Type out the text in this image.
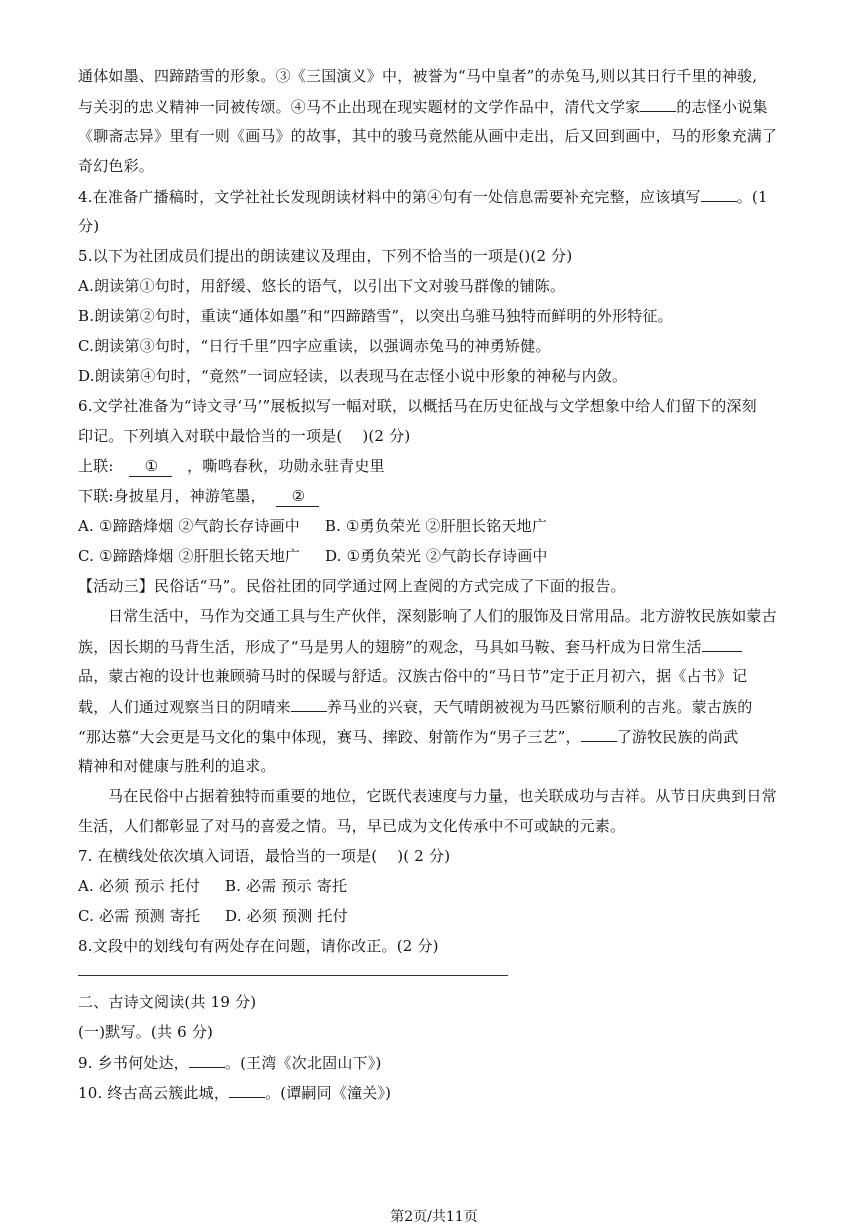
通体如墨、四蹄踏雪的形象。③《三国演义》中，被誉为“马中皇者”的赤兔马,则以其日行千里的神骏,
与关羽的忠义精神一同被传颂。④马不止出现在现实题材的文学作品中，清代文学家 的志怪小说集
《聊斋志异》里有一则《画马》的故事，其中的骏马竟然能从画中走出，后又回到画中，马的形象充满了
奇幻色彩。
4.在准备广播稿时，文学社社长发现朗读材料中的第④句有一处信息需要补充完整，应该填写 。(1
分)
5.以下为社团成员们提出的朗读建议及理由，下列不恰当的一项是()(2 分)
A.朗读第①句时，用舒缓、悠长的语气，以引出下文对骏马群像的铺陈。
B.朗读第②句时，重读“通体如墨”和“四蹄踏雪”，以突出乌骓马独特而鲜明的外形特征。
C.朗读第③句时，“日行千里”四字应重读，以强调赤兔马的神勇矫健。
D.朗读第④句时，“竟然”一词应轻读，以表现马在志怪小说中形象的神秘与内敛。
6.文学社准备为“诗文寻‘马’”展板拟写一幅对联，以概括马在历史征战与文学想象中给人们留下的深刻
印记。下列填入对联中最恰当的一项是(    )(2 分)
上联: ① ，嘶鸣春秋，功勋永驻青史里
下联:身披星月，神游笔墨， ②
A. ①蹄踏烽烟 ②气韵长存诗画中 B. ①勇负荣光 ②肝胆长铭天地广
C. ①蹄踏烽烟 ②肝胆长铭天地广 D. ①勇负荣光 ②气韵长存诗画中
【活动三】民俗话“马”。民俗社团的同学通过网上查阅的方式完成了下面的报告。
日常生活中，马作为交通工具与生产伙伴，深刻影响了人们的服饰及日常用品。北方游牧民族如蒙古
族，因长期的马背生活，形成了“马是男人的翅膀”的观念，马具如马鞍、套马杆成为日常生活
品，蒙古袍的设计也兼顾骑马时的保暖与舒适。汉族古俗中的“马日节”定于正月初六，据《占书》记
载，人们通过观察当日的阴晴来 养马业的兴衰，天气晴朗被视为马匹繁衍顺利的吉兆。蒙古族的
“那达慕”大会更是马文化的集中体现，赛马、摔跤、射箭作为“男子三艺”， 了游牧民族的尚武
精神和对健康与胜利的追求。
马在民俗中占据着独特而重要的地位，它既代表速度与力量，也关联成功与吉祥。从节日庆典到日常
生活，人们都彰显了对马的喜爱之情。马，早已成为文化传承中不可或缺的元素。
7. 在横线处依次填入词语，最恰当的一项是(    )( 2 分)
A. 必须 预示 托付     B. 必需 预示 寄托
C. 必需 预测 寄托     D. 必须 预测 托付
8.文段中的划线句有两处存在问题，请你改正。(2 分)
二、古诗文阅读(共 19 分)
(一)默写。(共 6 分)
9. 乡书何处达， 。(王湾《次北固山下》)
10. 终古高云簇此城， 。(谭嗣同《潼关》)
第2页/共11页
